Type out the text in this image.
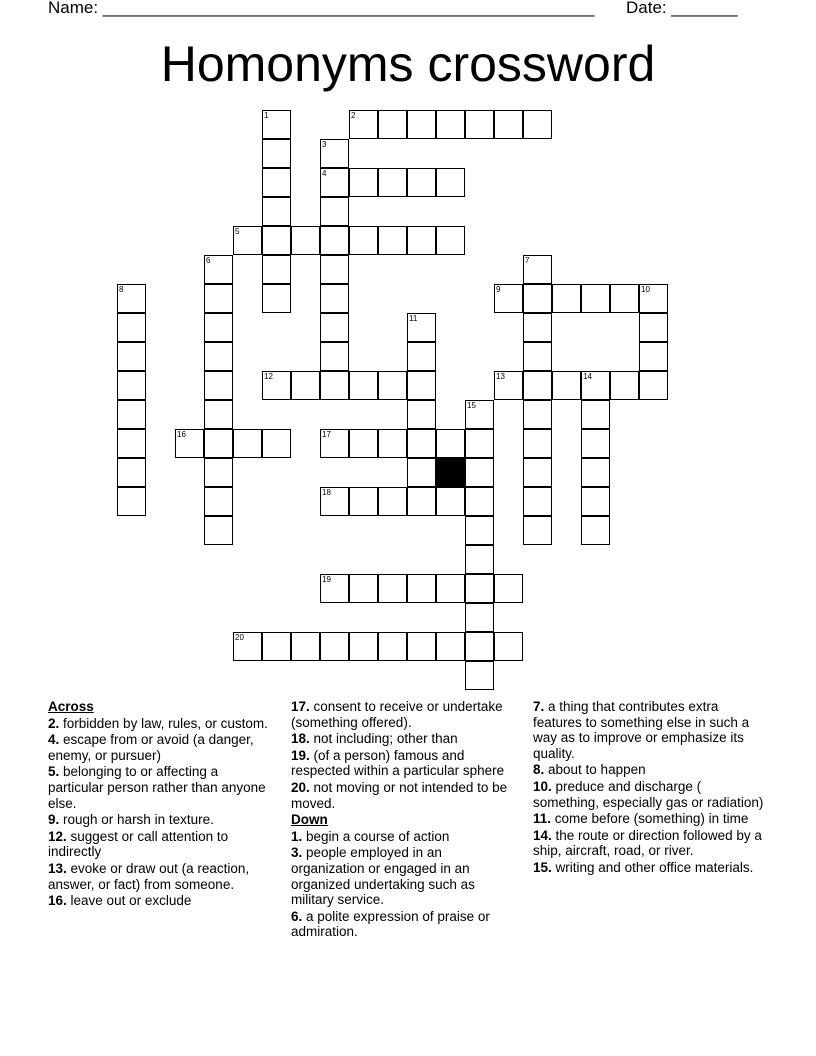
Name: ____________________________________________________ Date: _______
Homonyms crossword
1	2
3
4
5
6	7
8	9	10
11
12	13	14
15
16	17
18
19
20
Across
2. forbidden by law, rules, or custom.
4. escape from or avoid (a danger, enemy, or pursuer)
5. belonging to or affecting a particular person rather than anyone else.
9. rough or harsh in texture.
12. suggest or call attention to indirectly
13. evoke or draw out (a reaction, answer, or fact) from someone.
16. leave out or exclude
17. consent to receive or undertake (something offered).
18. not including; other than
19. (of a person) famous and respected within a particular sphere
20. not moving or not intended to be moved.
Down
1. begin a course of action
3. people employed in an organization or engaged in an organized undertaking such as military service.
6. a polite expression of praise or admiration.
7. a thing that contributes extra features to something else in such a way as to improve or emphasize its quality.
8. about to happen
10. preduce and discharge ( something, especially gas or radiation)
11. come before (something) in time
14. the route or direction followed by a ship, aircraft, road, or river.
15. writing and other office materials.
